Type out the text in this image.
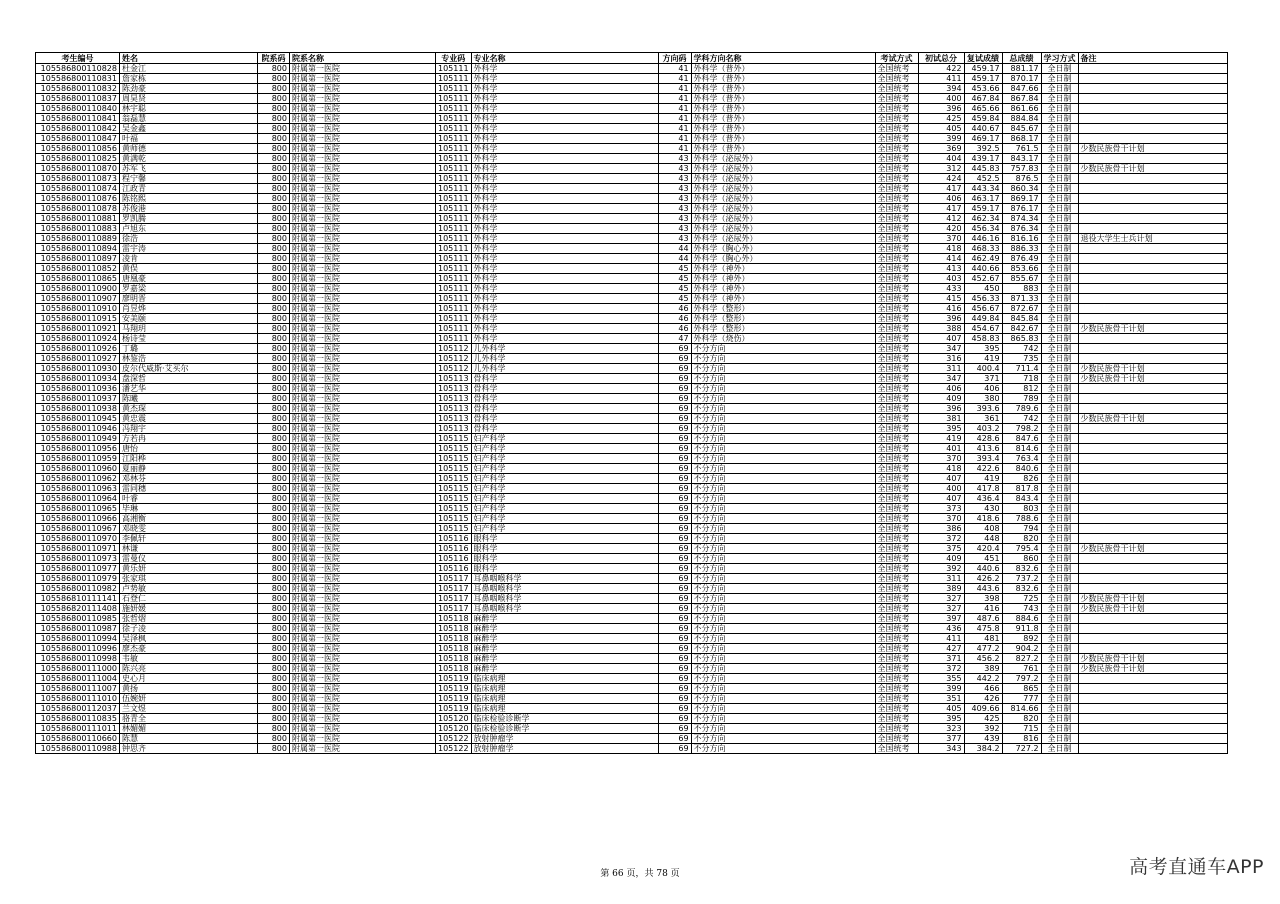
考生编号	姓名	院系码	院系名称	专业码	专业名称	方向码	学科方向名称	考试方式	初试总分	复试成绩	总成绩	学习方式	备注
105586800110828	杜金江	800	附属第一医院	105111	外科学	41	外科学（普外）	全国统考	422	459.17	881.17	全日制	
105586800110831	詹家栋	800	附属第一医院	105111	外科学	41	外科学（普外）	全国统考	411	459.17	870.17	全日制	
105586800110832	陈劲豪	800	附属第一医院	105111	外科学	41	外科学（普外）	全国统考	394	453.66	847.66	全日制	
105586800110837	周昊贤	800	附属第一医院	105111	外科学	41	外科学（普外）	全国统考	400	467.84	867.84	全日制	
105586800110840	林宇聪	800	附属第一医院	105111	外科学	41	外科学（普外）	全国统考	396	465.66	861.66	全日制	
105586800110841	翁磊慧	800	附属第一医院	105111	外科学	41	外科学（普外）	全国统考	425	459.84	884.84	全日制	
105586800110842	吴金鑫	800	附属第一医院	105111	外科学	41	外科学（普外）	全国统考	405	440.67	845.67	全日制	
105586800110847	叶福	800	附属第一医院	105111	外科学	41	外科学（普外）	全国统考	399	469.17	868.17	全日制	
105586800110856	黄师德	800	附属第一医院	105111	外科学	41	外科学（普外）	全国统考	369	392.5	761.5	全日制	少数民族骨干计划
105586800110825	黄满乾	800	附属第一医院	105111	外科学	43	外科学（泌尿外）	全国统考	404	439.17	843.17	全日制	
105586800110870	苏军飞	800	附属第一医院	105111	外科学	43	外科学（泌尿外）	全国统考	312	445.83	757.83	全日制	少数民族骨干计划
105586800110873	程宁馨	800	附属第一医院	105111	外科学	43	外科学（泌尿外）	全国统考	424	452.5	876.5	全日制	
105586800110874	江政青	800	附属第一医院	105111	外科学	43	外科学（泌尿外）	全国统考	417	443.34	860.34	全日制	
105586800110876	陈铭熙	800	附属第一医院	105111	外科学	43	外科学（泌尿外）	全国统考	406	463.17	869.17	全日制	
105586800110878	苏俊港	800	附属第一医院	105111	外科学	43	外科学（泌尿外）	全国统考	417	459.17	876.17	全日制	
105586800110881	罗凯腾	800	附属第一医院	105111	外科学	43	外科学（泌尿外）	全国统考	412	462.34	874.34	全日制	
105586800110883	卢旭东	800	附属第一医院	105111	外科学	43	外科学（泌尿外）	全国统考	420	456.34	876.34	全日制	
105586800110889	徐浩	800	附属第一医院	105111	外科学	43	外科学（泌尿外）	全国统考	370	446.16	816.16	全日制	退役大学生士兵计划
105586800110894	雷宇涛	800	附属第一医院	105111	外科学	44	外科学（胸心外）	全国统考	418	468.33	886.33	全日制	
105586800110897	凌肯	800	附属第一医院	105111	外科学	44	外科学（胸心外）	全国统考	414	462.49	876.49	全日制	
105586800110852	黄俣	800	附属第一医院	105111	外科学	45	外科学（神外）	全国统考	413	440.66	853.66	全日制	
105586800110865	唐凰豪	800	附属第一医院	105111	外科学	45	外科学（神外）	全国统考	403	452.67	855.67	全日制	
105586800110900	罗嘉梁	800	附属第一医院	105111	外科学	45	外科学（神外）	全国统考	433	450	883	全日制	
105586800110907	廖明晋	800	附属第一医院	105111	外科学	45	外科学（神外）	全国统考	415	456.33	871.33	全日制	
105586800110910	肖昱烨	800	附属第一医院	105111	外科学	46	外科学（整形）	全国统考	416	456.67	872.67	全日制	
105586800110915	安美颐	800	附属第一医院	105111	外科学	46	外科学（整形）	全国统考	396	449.84	845.84	全日制	
105586800110921	马翔玥	800	附属第一医院	105111	外科学	46	外科学（整形）	全国统考	388	454.67	842.67	全日制	少数民族骨干计划
105586800110924	杨诗莹	800	附属第一医院	105111	外科学	47	外科学（烧伤）	全国统考	407	458.83	865.83	全日制	
105586800110926	丁璐	800	附属第一医院	105112	儿外科学	69	不分方向	全国统考	347	395	742	全日制	
105586800110927	林鉴浩	800	附属第一医院	105112	儿外科学	69	不分方向	全国统考	316	419	735	全日制	
105586800110930	皮尔代威斯·艾买尔	800	附属第一医院	105112	儿外科学	69	不分方向	全国统考	311	400.4	711.4	全日制	少数民族骨干计划
105586800110934	盘深哲	800	附属第一医院	105113	骨科学	69	不分方向	全国统考	347	371	718	全日制	少数民族骨干计划
105586800110936	潘艺华	800	附属第一医院	105113	骨科学	69	不分方向	全国统考	406	406	812	全日制	
105586800110937	陈曦	800	附属第一医院	105113	骨科学	69	不分方向	全国统考	409	380	789	全日制	
105586800110938	黄杰琛	800	附属第一医院	105113	骨科学	69	不分方向	全国统考	396	393.6	789.6	全日制	
105586800110945	黄忠震	800	附属第一医院	105113	骨科学	69	不分方向	全国统考	381	361	742	全日制	少数民族骨干计划
105586800110946	冯翔宇	800	附属第一医院	105113	骨科学	69	不分方向	全国统考	395	403.2	798.2	全日制	
105586800110949	方若冉	800	附属第一医院	105115	妇产科学	69	不分方向	全国统考	419	428.6	847.6	全日制	
105586800110956	唐怡	800	附属第一医院	105115	妇产科学	69	不分方向	全国统考	401	413.6	814.6	全日制	
105586800110959	江阳桦	800	附属第一医院	105115	妇产科学	69	不分方向	全国统考	370	393.4	763.4	全日制	
105586800110960	夏丽静	800	附属第一医院	105115	妇产科学	69	不分方向	全国统考	418	422.6	840.6	全日制	
105586800110962	邓林芬	800	附属第一医院	105115	妇产科学	69	不分方向	全国统考	407	419	826	全日制	
105586800110963	雷同穗	800	附属第一医院	105115	妇产科学	69	不分方向	全国统考	400	417.8	817.8	全日制	
105586800110964	叶睿	800	附属第一医院	105115	妇产科学	69	不分方向	全国统考	407	436.4	843.4	全日制	
105586800110965	毕琳	800	附属第一医院	105115	妇产科学	69	不分方向	全国统考	373	430	803	全日制	
105586800110966	高湘衡	800	附属第一医院	105115	妇产科学	69	不分方向	全国统考	370	418.6	788.6	全日制	
105586800110967	邓晓雯	800	附属第一医院	105115	妇产科学	69	不分方向	全国统考	386	408	794	全日制	
105586800110970	李佩轩	800	附属第一医院	105116	眼科学	69	不分方向	全国统考	372	448	820	全日制	
105586800110971	林谦	800	附属第一医院	105116	眼科学	69	不分方向	全国统考	375	420.4	795.4	全日制	少数民族骨干计划
105586800110973	雷曼仪	800	附属第一医院	105116	眼科学	69	不分方向	全国统考	409	451	860	全日制	
105586800110977	黄乐妍	800	附属第一医院	105116	眼科学	69	不分方向	全国统考	392	440.6	832.6	全日制	
105586800110979	张家琪	800	附属第一医院	105117	耳鼻咽喉科学	69	不分方向	全国统考	311	426.2	737.2	全日制	
105586800110982	卢势敏	800	附属第一医院	105117	耳鼻咽喉科学	69	不分方向	全国统考	389	443.6	832.6	全日制	
105586810111141	石登仁	800	附属第一医院	105117	耳鼻咽喉科学	69	不分方向	全国统考	327	398	725	全日制	少数民族骨干计划
105586820111408	施妍媛	800	附属第一医院	105117	耳鼻咽喉科学	69	不分方向	全国统考	327	416	743	全日制	少数民族骨干计划
105586800110985	张哲熠	800	附属第一医院	105118	麻醉学	69	不分方向	全国统考	397	487.6	884.6	全日制	
105586800110987	徐子凌	800	附属第一医院	105118	麻醉学	69	不分方向	全国统考	436	475.8	911.8	全日制	
105586800110994	吴泽枫	800	附属第一医院	105118	麻醉学	69	不分方向	全国统考	411	481	892	全日制	
105586800110996	廖杰豪	800	附属第一医院	105118	麻醉学	69	不分方向	全国统考	427	477.2	904.2	全日制	
105586800110998	韦敏	800	附属第一医院	105118	麻醉学	69	不分方向	全国统考	371	456.2	827.2	全日制	少数民族骨干计划
105586800111000	陈兴亮	800	附属第一医院	105118	麻醉学	69	不分方向	全国统考	372	389	761	全日制	少数民族骨干计划
105586800111004	史心月	800	附属第一医院	105119	临床病理	69	不分方向	全国统考	355	442.2	797.2	全日制	
105586800111007	黄扬	800	附属第一医院	105119	临床病理	69	不分方向	全国统考	399	466	865	全日制	
105586800111010	伍婉妍	800	附属第一医院	105119	临床病理	69	不分方向	全国统考	351	426	777	全日制	
105586800112037	兰文煜	800	附属第一医院	105119	临床病理	69	不分方向	全国统考	405	409.66	814.66	全日制	
105586800110835	骆青全	800	附属第一医院	105120	临床检验诊断学	69	不分方向	全国统考	395	425	820	全日制	
105586800111011	林媚媚	800	附属第一医院	105120	临床检验诊断学	69	不分方向	全国统考	323	392	715	全日制	
105586800110660	陈慧	800	附属第一医院	105122	放射肿瘤学	69	不分方向	全国统考	377	439	816	全日制	
105586800110988	钟思齐	800	附属第一医院	105122	放射肿瘤学	69	不分方向	全国统考	343	384.2	727.2	全日制	
第 66 页，共 78 页	高考直通车APP
